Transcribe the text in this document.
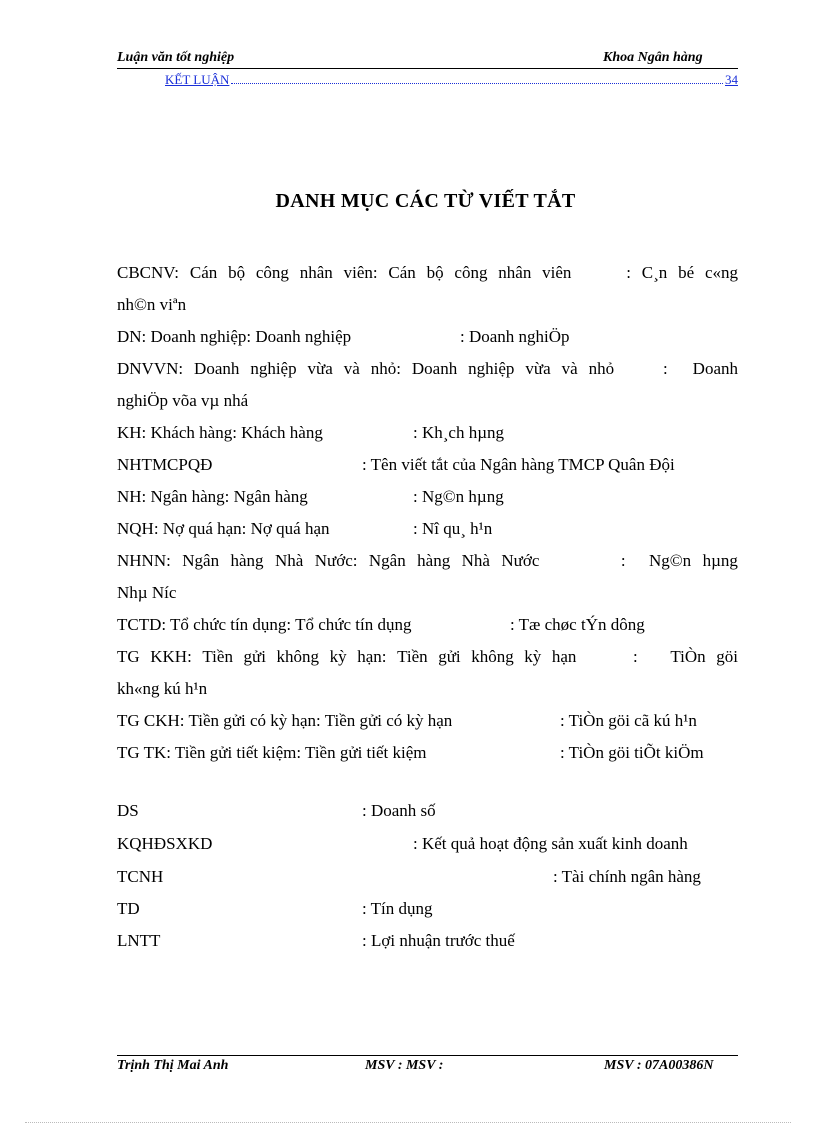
Luận văn tốt nghiệp	Khoa Ngân hàng
KẾT LUẬN	34
DANH MỤC CÁC TỪ VIẾT TẮT
CBCNV: Cán bộ công nhân viên: Cán bộ công nhân viên	: C¸n bé c«ng
nh©n viªn
DN: Doanh nghiệp: Doanh nghiệp	: Doanh nghiÖp
DNVVN: Doanh nghiệp vừa và nhỏ: Doanh nghiệp vừa và nhỏ	: Doanh
nghiÖp võa vµ nhá
KH: Khách hàng: Khách hàng	: Kh¸ch hµng
NHTMCPQĐ	: Tên viết tắt của Ngân hàng TMCP Quân Đội
NH: Ngân hàng: Ngân hàng	: Ng©n hµng
NQH: Nợ quá hạn: Nợ quá hạn	: Nî qu¸ h¹n
NHNN: Ngân hàng Nhà Nước: Ngân hàng Nhà Nước	: Ng©n hµng
Nhµ Níc
TCTD: Tổ chức tín dụng: Tổ chức tín dụng	: Tæ chøc tÝn dông
TG KKH: Tiền gửi không kỳ hạn: Tiền gửi không kỳ hạn	: TiÒn göi
kh«ng kú h¹n
TG CKH: Tiền gửi có kỳ hạn: Tiền gửi có kỳ hạn	: TiÒn göi cã kú h¹n
TG TK: Tiền gửi tiết kiệm: Tiền gửi tiết kiệm	: TiÒn göi tiÕt kiÖm
DS	: Doanh số
KQHĐSXKD	: Kết quả hoạt động sản xuất kinh doanh
TCNH	: Tài chính ngân hàng
TD	: Tín dụng
LNTT	: Lợi nhuận trước thuế
Trịnh Thị Mai Anh	MSV : MSV :	MSV : 07A00386N
